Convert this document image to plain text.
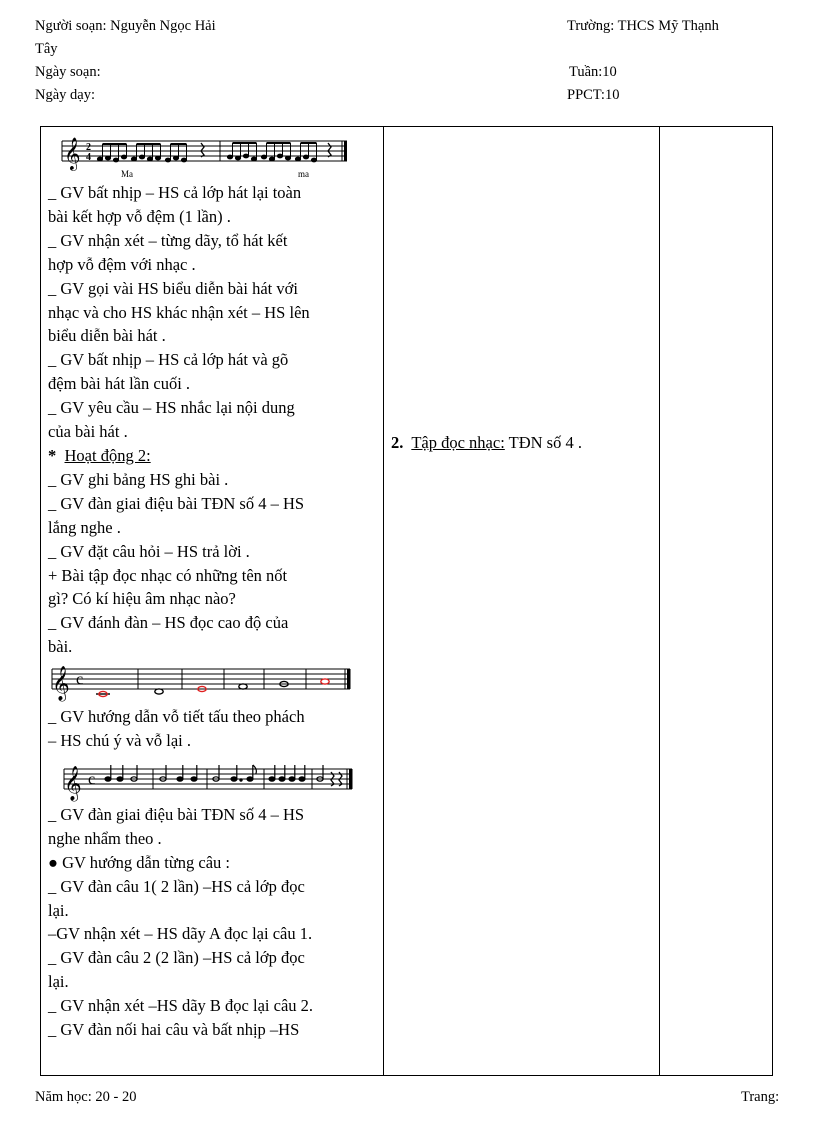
Người soạn: Nguyễn Ngọc Hải
Tây
Ngày soạn:
Ngày dạy:
Trường: THCS Mỹ Thạnh
Tuần:10
PPCT:10
𝄞 2
4
Ma	ma

_ GV bất nhịp – HS cả lớp hát lại toàn

bài kết hợp vỗ đệm (1 lần) .

_ GV nhận xét – từng dãy, tổ hát kết

hợp vỗ đệm với nhạc .

_ GV gọi vài HS biểu diễn bài hát với

nhạc và cho HS khác nhận xét – HS lên

biểu diễn bài hát .

_ GV bất nhịp – HS cả lớp hát và gõ

đệm bài hát lần cuối .

_ GV yêu cầu – HS nhắc lại nội dung

của bài hát .

* Hoạt động 2:

_ GV ghi bảng HS ghi bài .

_ GV đàn giai điệu bài TĐN số 4 – HS

lắng nghe .

_ GV đặt câu hỏi – HS trả lời .

+ Bài tập đọc nhạc có những tên nốt

gì? Có kí hiệu âm nhạc nào?

_ GV đánh đàn – HS đọc cao độ của

bài.

𝄞 c

_ GV hướng dẫn vỗ tiết tấu theo phách

– HS chú ý và vỗ lại .

𝄞 c

_ GV đàn giai điệu bài TĐN số 4 – HS

nghe nhẩm theo .

● GV hướng dẫn từng câu :

_ GV đàn câu 1( 2 lần) –HS cả lớp đọc

lại.

–GV nhận xét – HS dãy A đọc lại câu 1.

_ GV đàn câu 2 (2 lần) –HS cả lớp đọc

lại.

_ GV nhận xét –HS dãy B đọc lại câu 2.

_ GV đàn nối hai câu và bất nhịp –HS

2. Tập đọc nhạc: TĐN số 4 .
Năm học: 20 - 20	Trang:
